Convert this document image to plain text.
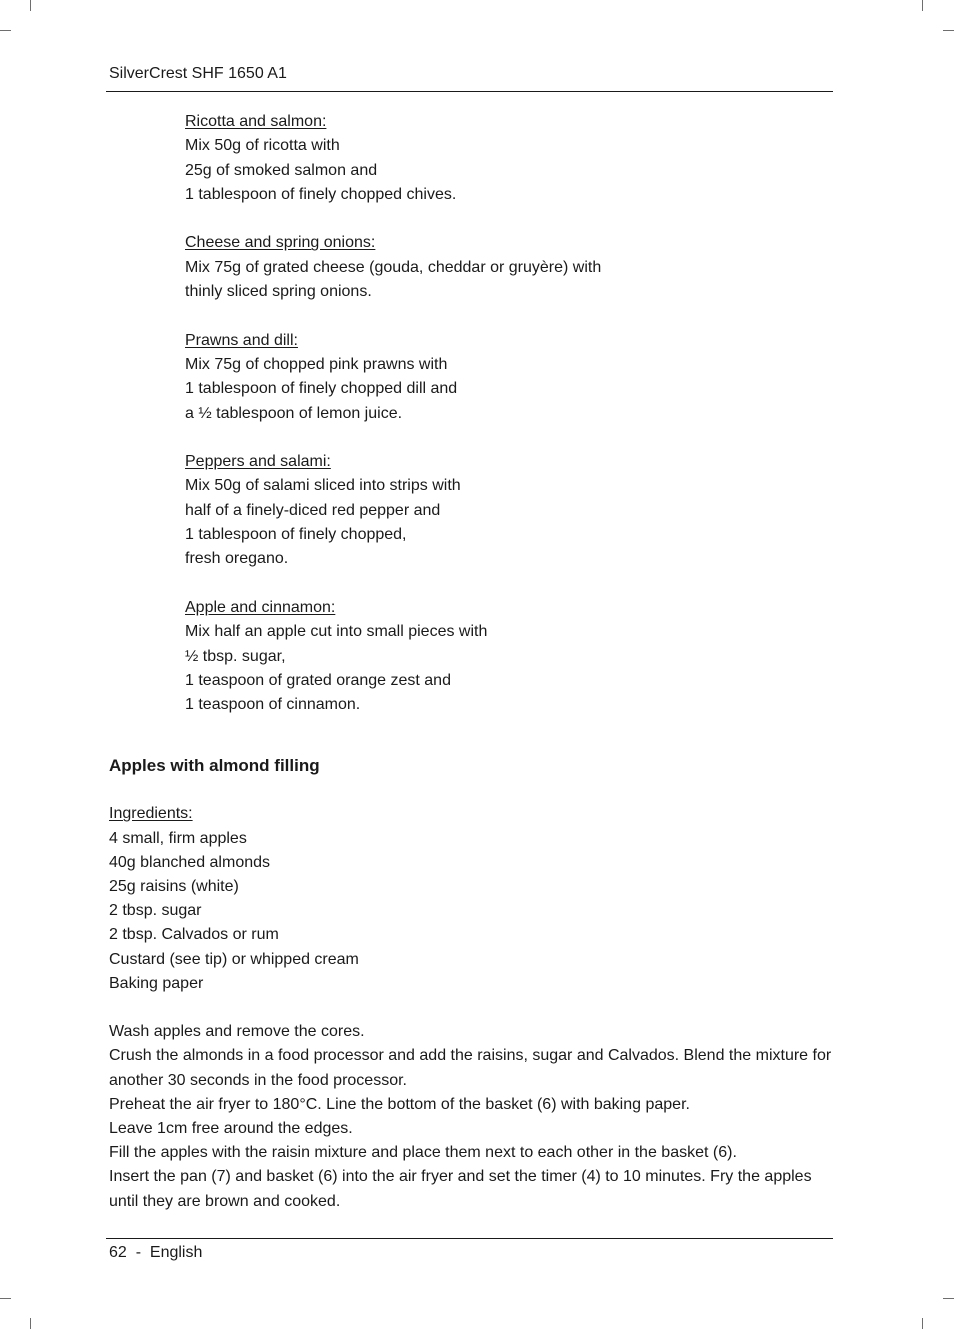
SilverCrest SHF 1650 A1
Ricotta and salmon:
Mix 50g of ricotta with
25g of smoked salmon and
1 tablespoon of finely chopped chives.
Cheese and spring onions:
Mix 75g of grated cheese (gouda, cheddar or gruyère) with
thinly sliced spring onions.
Prawns and dill:
Mix 75g of chopped pink prawns with
1 tablespoon of finely chopped dill and
a ½ tablespoon of lemon juice.
Peppers and salami:
Mix 50g of salami sliced into strips with
half of a finely-diced red pepper and
1 tablespoon of finely chopped,
fresh oregano.
Apple and cinnamon:
Mix half an apple cut into small pieces with
½ tbsp. sugar,
1 teaspoon of grated orange zest and
1 teaspoon of cinnamon.
Apples with almond filling
Ingredients:
4 small, firm apples
40g blanched almonds
25g raisins (white)
2 tbsp. sugar
2 tbsp. Calvados or rum
Custard (see tip) or whipped cream
Baking paper
Wash apples and remove the cores.
Crush the almonds in a food processor and add the raisins, sugar and Calvados. Blend the mixture for another 30 seconds in the food processor.
Preheat the air fryer to 180°C. Line the bottom of the basket (6) with baking paper.
Leave 1cm free around the edges.
Fill the apples with the raisin mixture and place them next to each other in the basket (6).
Insert the pan (7) and basket (6) into the air fryer and set the timer (4) to 10 minutes. Fry the apples until they are brown and cooked.
62 - English
